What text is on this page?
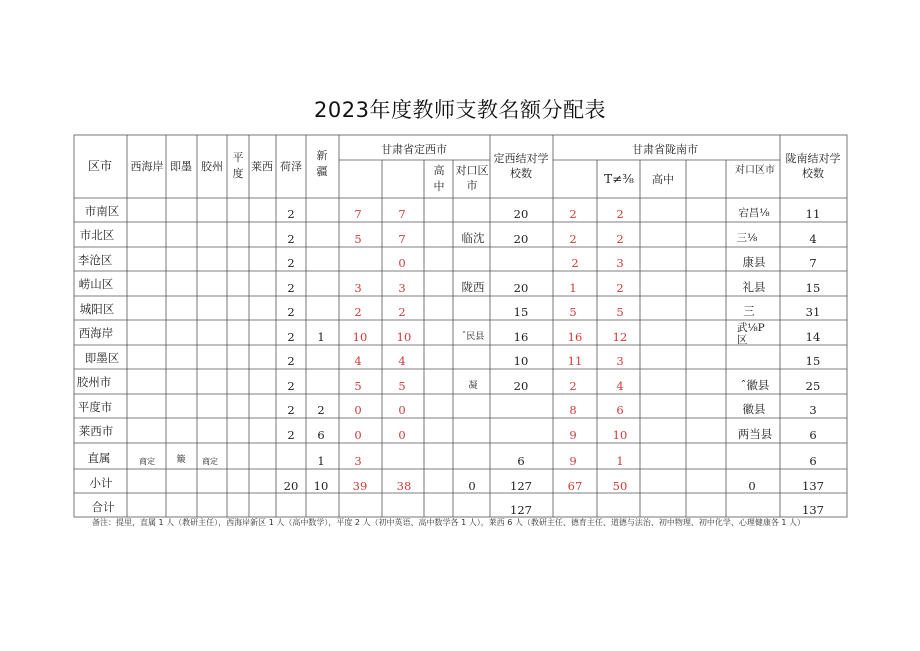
2023年度教师支教名额分配表
区市 西海岸 即墨 胶州
平度
莱西 荷泽
新疆
甘肃省定西市
高中
对口区市
定西结对学校数
甘肃省陇南市
T≠⅜ 高中
对口区市
陇南结对学校数
市南区
市北区
李沧区
崂山区
城阳区
西海岸
即墨区
胶州市
平度市
莱西市
直属
小计
合计
商定 簸 商定
2
2
2
2
2
2
2
2
2
2
20
1
2
6
1
10
7
5
3
2
10
4
5
0
0
3
39
7
7
0
3
2
10
4
5
0
0
38
临沈
陇西
ˆ民县
凝
0
20
20
20
15
16
10
20
6
127
127
2
2
2
1
5
16
11
2
8
9
9
67
2
2
3
2
5
12
3
4
6
10
1
50
宕昌⅛
三⅛
康县
礼县
三
武⅛P区
ˆ徽县
徽县
两当县
0
11
4
7
15
31
14
15
25
3
6
6
137
137
备注：提里，直属 1 人（教研主任），西海岸新区 1 人（高中数学），平度 2 人（初中英语、高中数学各 1 人），莱西 6 人（教研主任、德育主任、道德与法治、初中物理、初中化学、心理健康各 1 人）
